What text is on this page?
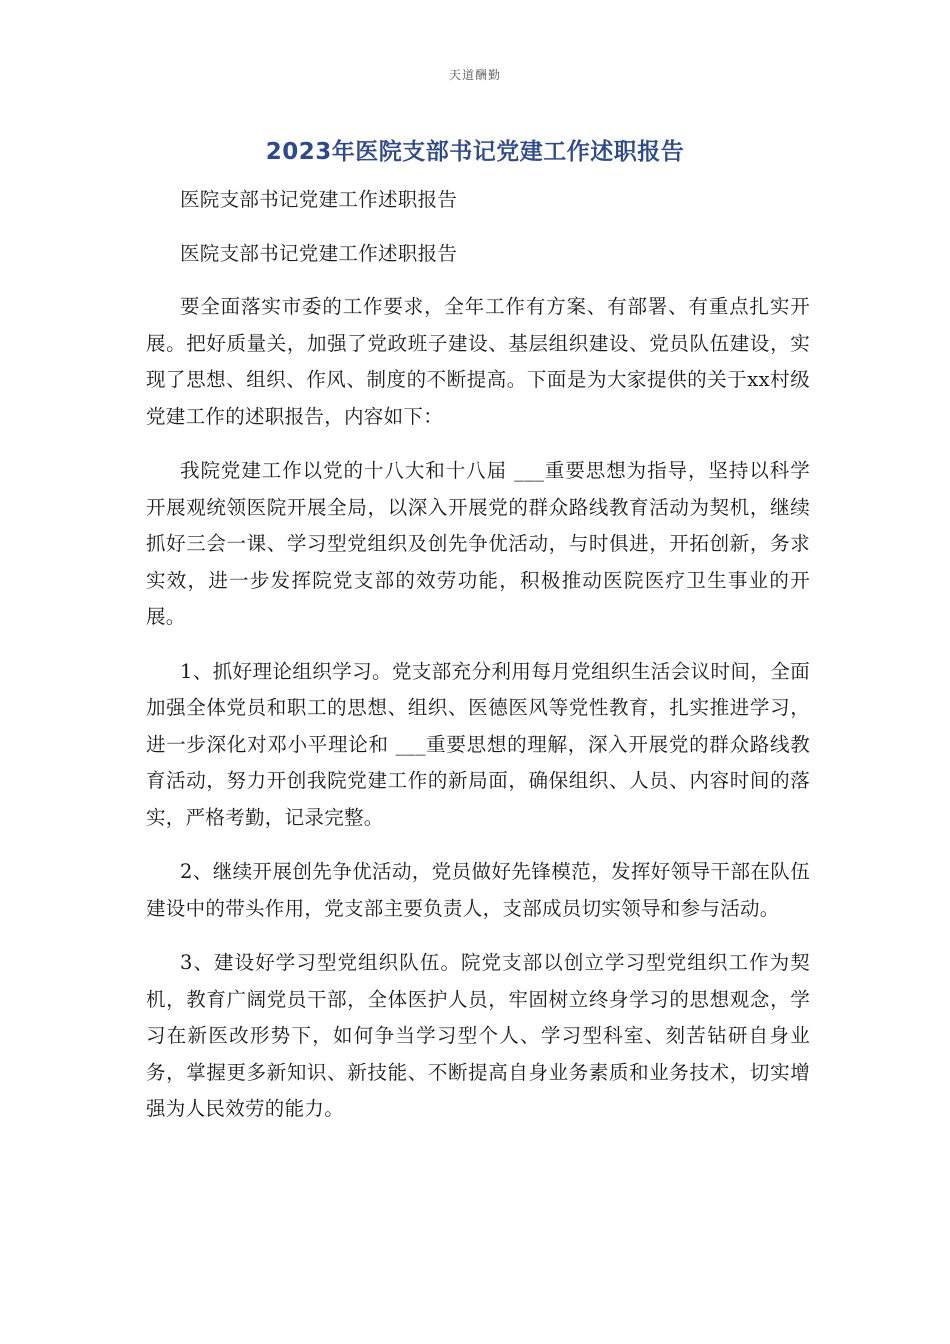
天道酬勤
2023年医院支部书记党建工作述职报告

医院支部书记党建工作述职报告

医院支部书记党建工作述职报告

要全面落实市委的工作要求，全年工作有方案、有部署、有重点扎实开展。把好质量关，加强了党政班子建设、基层组织建设、党员队伍建设，实现了思想、组织、作风、制度的不断提高。下面是为大家提供的关于xx村级党建工作的述职报告，内容如下：

我院党建工作以党的十八大和十八届 ___重要思想为指导，坚持以科学开展观统领医院开展全局，以深入开展党的群众路线教育活动为契机，继续抓好三会一课、学习型党组织及创先争优活动，与时俱进，开拓创新，务求实效，进一步发挥院党支部的效劳功能，积极推动医院医疗卫生事业的开展。

1、抓好理论组织学习。党支部充分利用每月党组织生活会议时间，全面加强全体党员和职工的思想、组织、医德医风等党性教育，扎实推进学习，进一步深化对邓小平理论和 ___重要思想的理解，深入开展党的群众路线教育活动，努力开创我院党建工作的新局面，确保组织、人员、内容时间的落实，严格考勤，记录完整。

2、继续开展创先争优活动，党员做好先锋模范，发挥好领导干部在队伍建设中的带头作用，党支部主要负责人，支部成员切实领导和参与活动。

3、建设好学习型党组织队伍。院党支部以创立学习型党组织工作为契机，教育广阔党员干部，全体医护人员，牢固树立终身学习的思想观念，学习在新医改形势下，如何争当学习型个人、学习型科室、刻苦钻研自身业务，掌握更多新知识、新技能、不断提高自身业务素质和业务技术，切实增强为人民效劳的能力。
